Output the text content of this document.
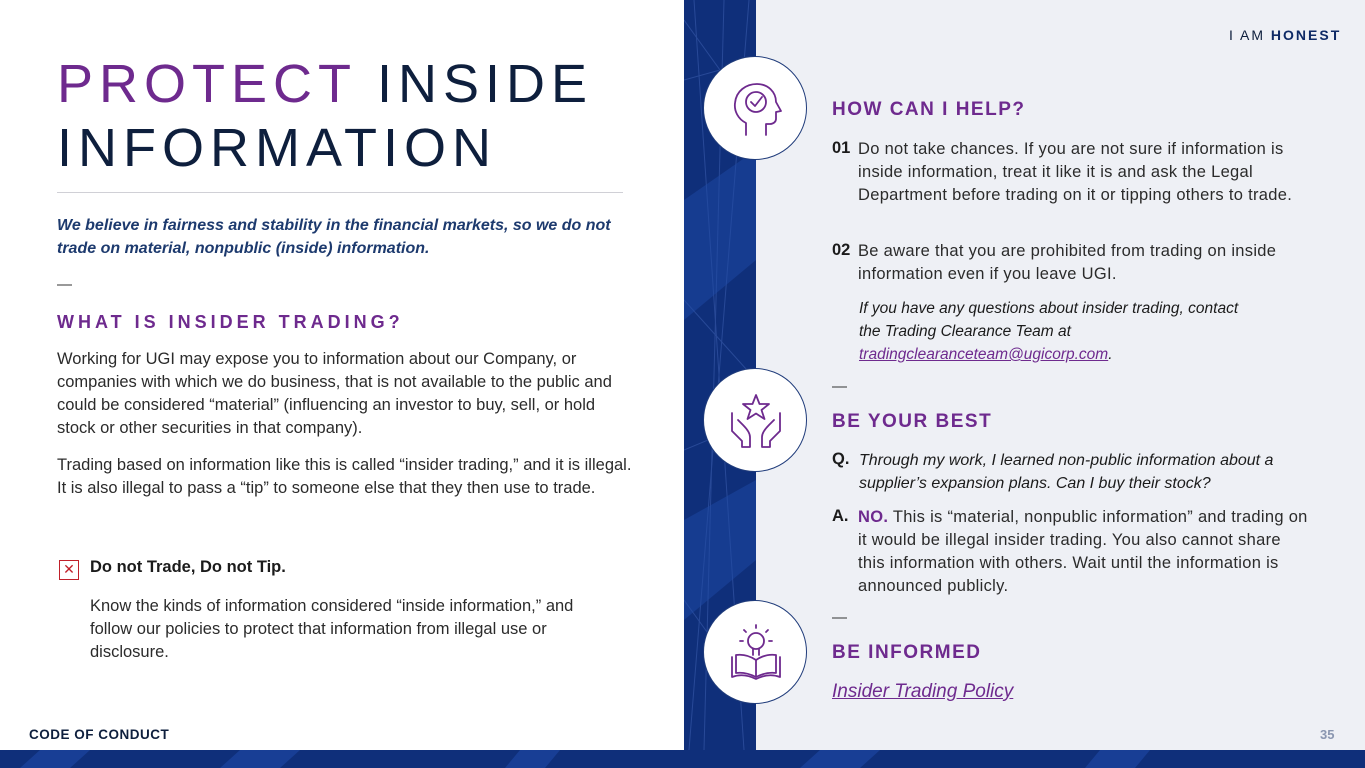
PROTECT INSIDE
INFORMATION

We believe in fairness and stability in the financial markets, so we do not trade on material, nonpublic (inside) information.

—
WHAT IS INSIDER TRADING?

Working for UGI may expose you to information about our Company, or companies with which we do business, that is not available to the public and could be considered “material” (influencing an investor to buy, sell, or hold stock or other securities in that company).

Trading based on information like this is called “insider trading,” and it is illegal. It is also illegal to pass a “tip” to someone else that they then use to trade.

✕ Do not Trade, Do not Tip.

Know the kinds of information considered “inside information,” and follow our policies to protect that information from illegal use or disclosure.

I AM HONEST
HOW CAN I HELP?
01 Do not take chances. If you are not sure if information is inside information, treat it like it is and ask the Legal Department before trading on it or tipping others to trade.

02 Be aware that you are prohibited from trading on inside information even if you leave UGI.

If you have any questions about insider trading, contact the Trading Clearance Team at tradingclearanceteam@ugicorp.com.

—
BE YOUR BEST
Q. Through my work, I learned non-public information about a supplier’s expansion plans. Can I buy their stock?

A. NO. This is “material, nonpublic information” and trading on it would be illegal insider trading. You also cannot share this information with others. Wait until the information is announced publicly.

—
BE INFORMED
Insider Trading Policy
CODE OF CONDUCT	35
